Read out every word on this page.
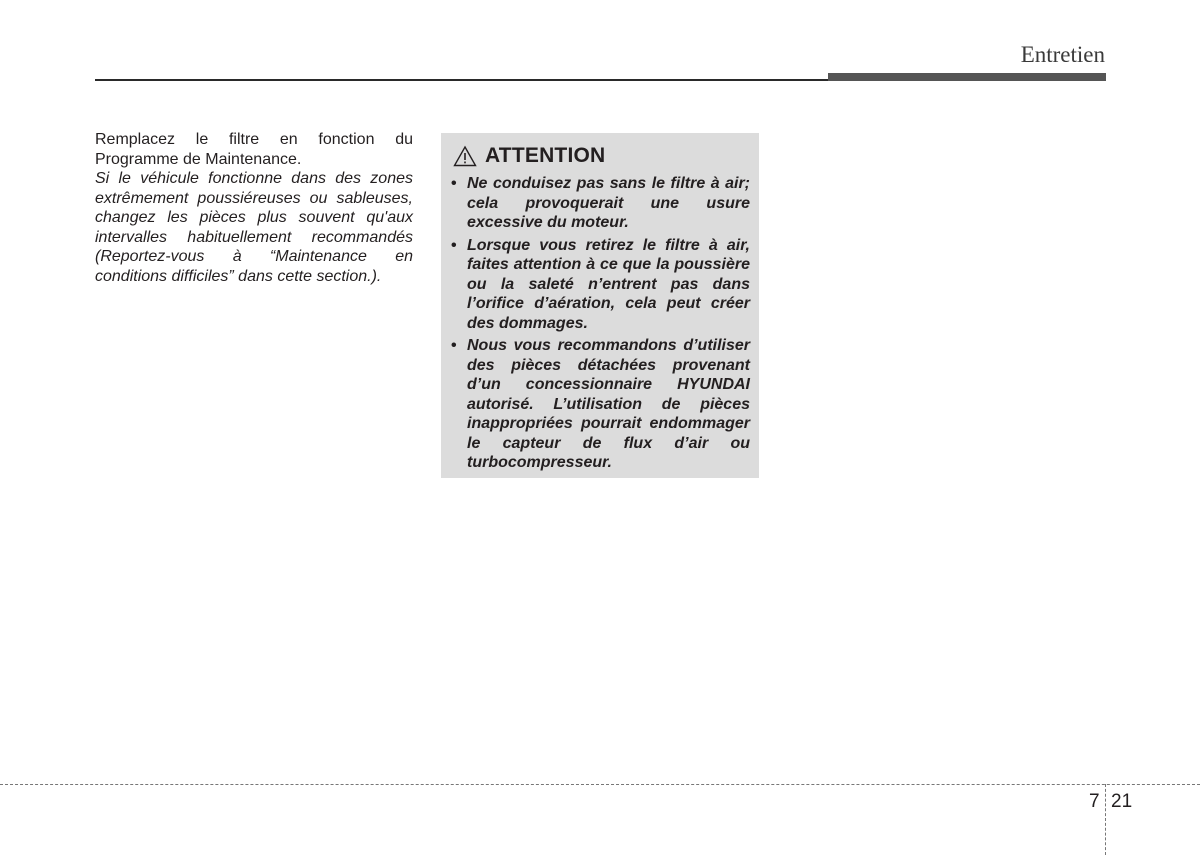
Entretien

Remplacez le filtre en fonction du Programme de Maintenance.

Si le véhicule fonctionne dans des zones extrêmement poussiéreuses ou sableuses, changez les pièces plus souvent qu'aux intervalles habituellement recommandés (Reportez-vous à “Maintenance en conditions difficiles” dans cette section.).

ATTENTION
• Ne conduisez pas sans le filtre à air; cela provoquerait une usure excessive du moteur.
• Lorsque vous retirez le filtre à air, faites attention à ce que la poussière ou la saleté n’entrent pas dans l’orifice d’aération, cela peut créer des dommages.
• Nous vous recommandons d’utiliser des pièces détachées provenant d’un concessionnaire HYUNDAI autorisé. L’utilisation de pièces inappropriées pourrait endommager le capteur de flux d’air ou turbocompresseur.
7 21
